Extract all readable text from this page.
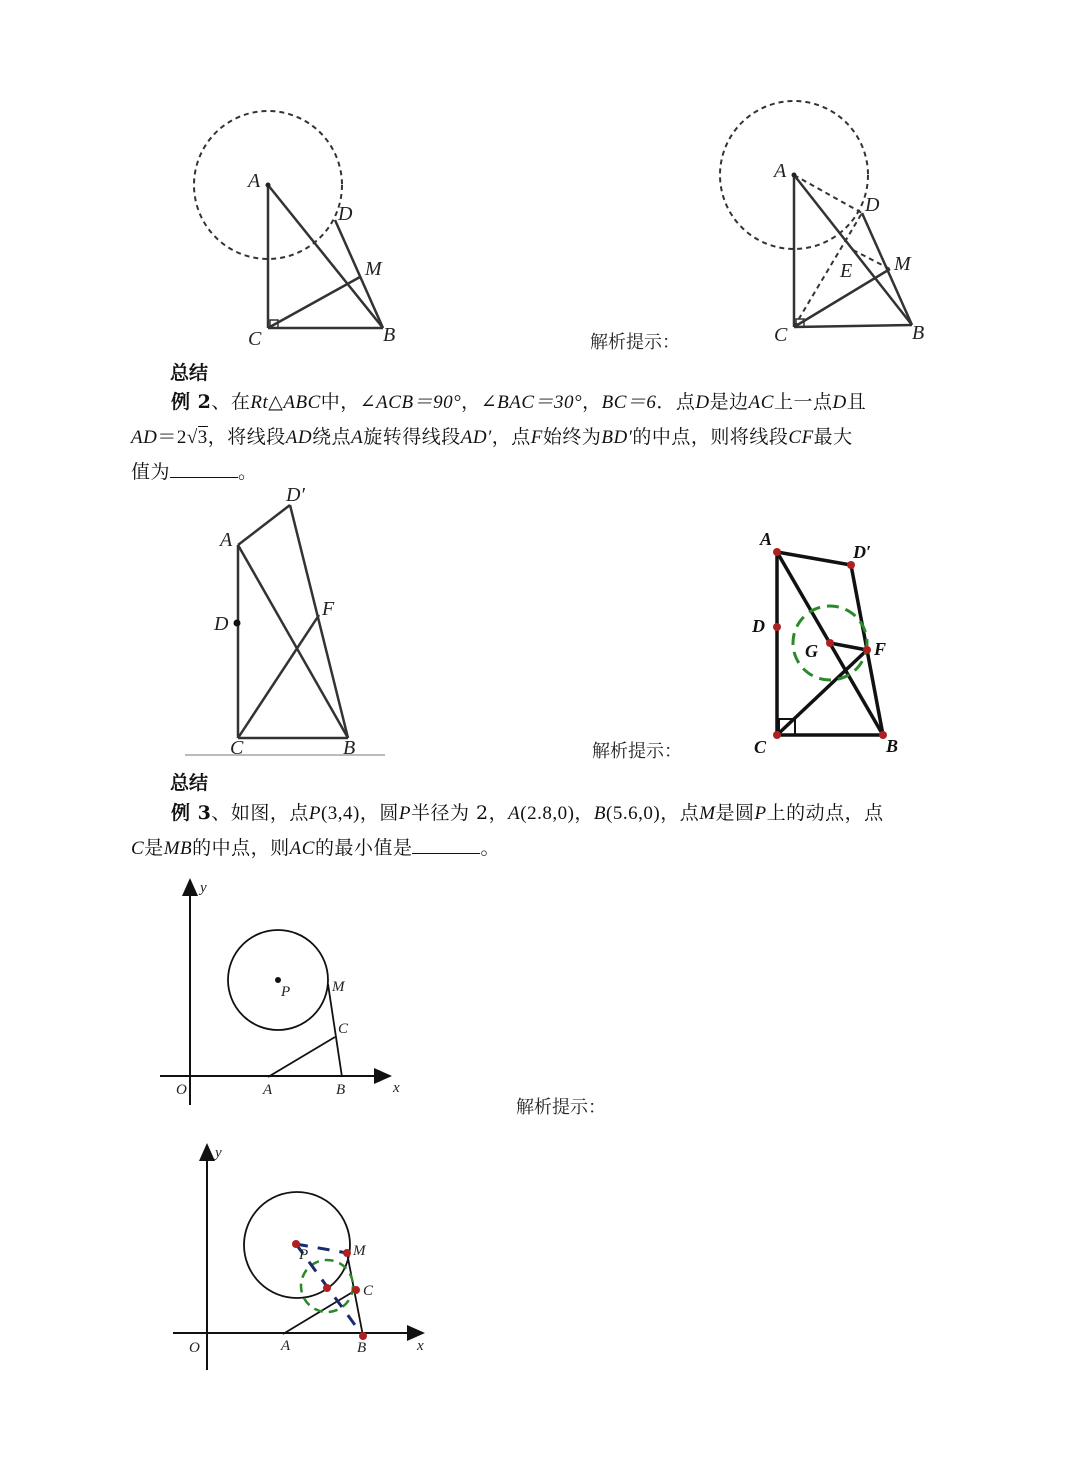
A
D
M
C	B
A
D
E M
C	B
解析提示：
总结
例 2、在Rt△ABC中，∠ACB＝90°，∠BAC＝30°，BC＝6．点D是边AC上一点D且
AD＝2√3，将线段AD绕点A旋转得线段AD′，点F始终为BD′的中点，则将线段CF最大
值为	。
A
D′
D
F
C	B	解析提示：
A
D′
D
G	F
C	B
总结
例 3、如图，点P(3,4)，圆P半径为 2，A(2.8,0)，B(5.6,0)，点M是圆P上的动点，点
C是MB的中点，则AC的最小值是	。
y
x
O
P	M
C
A	B
解析提示：
y
x
O
P	M
C
A	B
